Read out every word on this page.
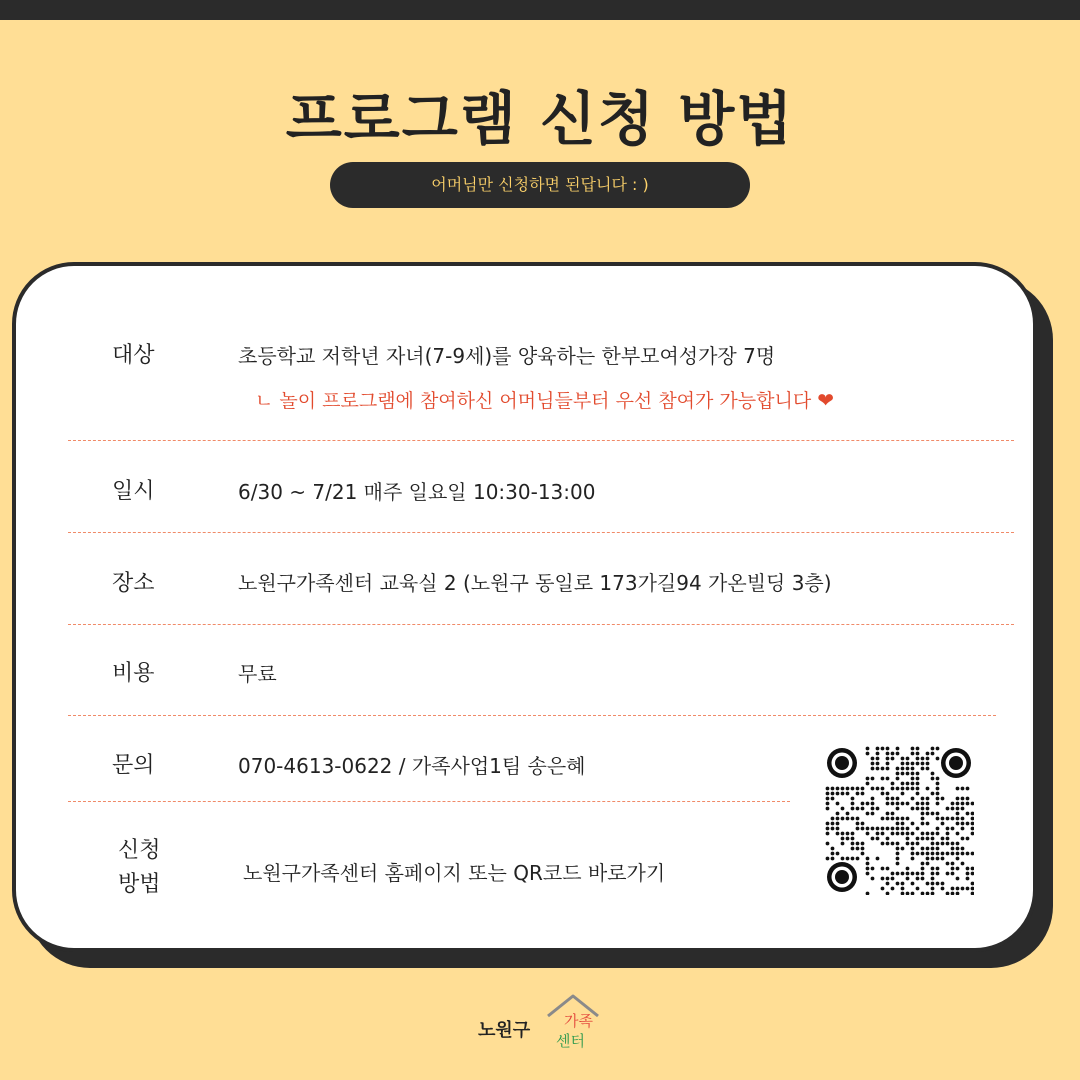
프로그램 신청 방법
어머님만 신청하면 된답니다 : )
대상	초등학교 저학년 자녀(7-9세)를 양육하는 한부모여성가장 7명
ㄴ 놀이 프로그램에 참여하신 어머님들부터 우선 참여가 가능합니다 ❤
일시	6/30 ~ 7/21 매주 일요일 10:30-13:00
장소	노원구가족센터 교육실 2 (노원구 동일로 173가길94 가온빌딩 3층)
비용	무료
문의	070-4613-0622 / 가족사업1팀 송은혜
신청
방법	노원구가족센터 홈페이지 또는 QR코드 바로가기
노원구 가족
센터
